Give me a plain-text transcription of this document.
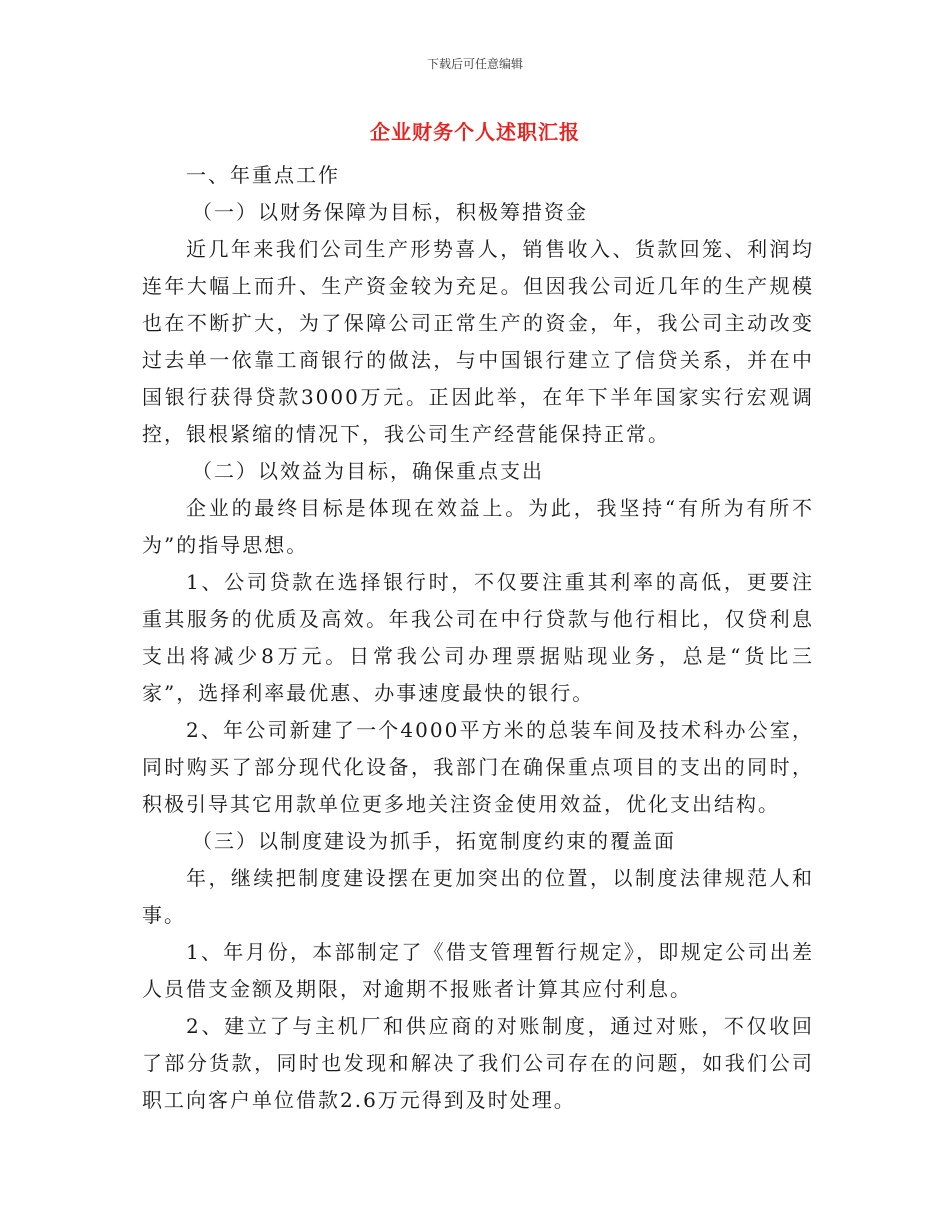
下载后可任意编辑
企业财务个人述职汇报

一、年重点工作

（一）以财务保障为目标，积极筹措资金

近几年来我们公司生产形势喜人，销售收入、货款回笼、利润均连年大幅上而升、生产资金较为充足。但因我公司近几年的生产规模也在不断扩大，为了保障公司正常生产的资金，年，我公司主动改变过去单一依靠工商银行的做法，与中国银行建立了信贷关系，并在中国银行获得贷款3000万元。正因此举，在年下半年国家实行宏观调控，银根紧缩的情况下，我公司生产经营能保持正常。

（二）以效益为目标，确保重点支出

企业的最终目标是体现在效益上。为此，我坚持“有所为有所不为”的指导思想。

1、公司贷款在选择银行时，不仅要注重其利率的高低，更要注重其服务的优质及高效。年我公司在中行贷款与他行相比，仅贷利息支出将减少8万元。日常我公司办理票据贴现业务，总是“货比三家”，选择利率最优惠、办事速度最快的银行。

2、年公司新建了一个4000平方米的总装车间及技术科办公室，同时购买了部分现代化设备，我部门在确保重点项目的支出的同时，积极引导其它用款单位更多地关注资金使用效益，优化支出结构。

（三）以制度建设为抓手，拓宽制度约束的覆盖面

年，继续把制度建设摆在更加突出的位置，以制度法律规范人和事。

1、年月份，本部制定了《借支管理暂行规定》，即规定公司出差人员借支金额及期限，对逾期不报账者计算其应付利息。

2、建立了与主机厂和供应商的对账制度，通过对账，不仅收回了部分货款，同时也发现和解决了我们公司存在的问题，如我们公司职工向客户单位借款2.6万元得到及时处理。
